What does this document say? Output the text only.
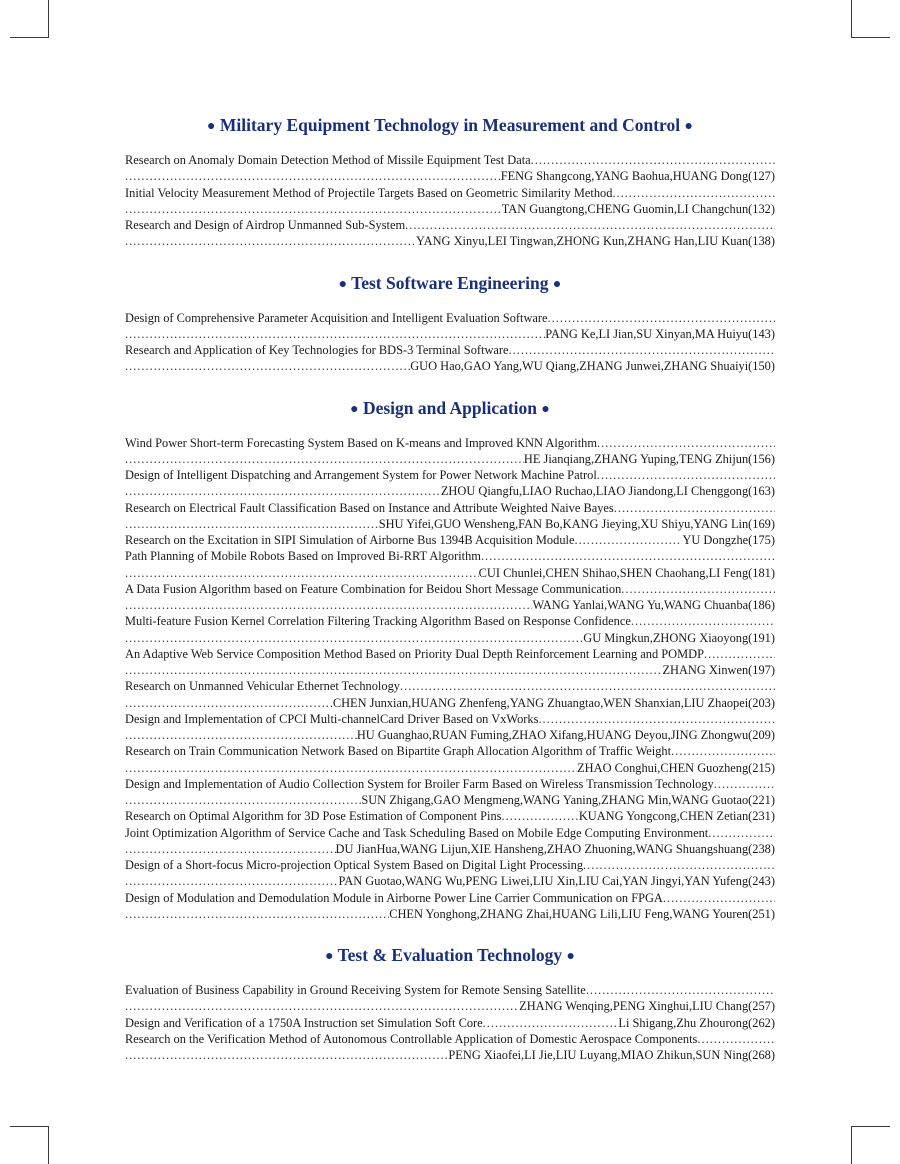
● Military Equipment Technology in Measurement and Control ●
Research on Anomaly Domain Detection Method of Missile Equipment Test Data
.....
.....
FENG Shangcong,YANG Baohua,HUANG Dong(127)
Initial Velocity Measurement Method of Projectile Targets Based on Geometric Similarity Method
.....
.....
TAN Guangtong,CHENG Guomin,LI Changchun(132)
Research and Design of Airdrop Unmanned Sub-System
.....
.....
YANG Xinyu,LEI Tingwan,ZHONG Kun,ZHANG Han,LIU Kuan(138)
● Test Software Engineering ●
Design of Comprehensive Parameter Acquisition and Intelligent Evaluation Software
.....
.....
PANG Ke,LI Jian,SU Xinyan,MA Huiyu(143)
Research and Application of Key Technologies for BDS-3 Terminal Software
.....
.....
GUO Hao,GAO Yang,WU Qiang,ZHANG Junwei,ZHANG Shuaiyi(150)
● Design and Application ●
Wind Power Short-term Forecasting System Based on K-means and Improved KNN Algorithm
.....
.....
HE Jianqiang,ZHANG Yuping,TENG Zhijun(156)
Design of Intelligent Dispatching and Arrangement System for Power Network Machine Patrol
.....
.....
ZHOU Qiangfu,LIAO Ruchao,LIAO Jiandong,LI Chenggong(163)
Research on Electrical Fault Classification Based on Instance and Attribute Weighted Naive Bayes
.....
.....
SHU Yifei,GUO Wensheng,FAN Bo,KANG Jieying,XU Shiyu,YANG Lin(169)
Research on the Excitation in SIPI Simulation of Airborne Bus 1394B Acquisition Module .....	YU Dongzhe(175)
Path Planning of Mobile Robots Based on Improved Bi-RRT Algorithm
.....
.....
CUI Chunlei,CHEN Shihao,SHEN Chaohang,LI Feng(181)
A Data Fusion Algorithm based on Feature Combination for Beidou Short Message Communication
.....
.....
WANG Yanlai,WANG Yu,WANG Chuanba(186)
Multi-feature Fusion Kernel Correlation Filtering Tracking Algorithm Based on Response Confidence
.....
.....
GU Mingkun,ZHONG Xiaoyong(191)
An Adaptive Web Service Composition Method Based on Priority Dual Depth Reinforcement Learning and POMDP
.....
.....
ZHANG Xinwen(197)
Research on Unmanned Vehicular Ethernet Technology
.....
.....
CHEN Junxian,HUANG Zhenfeng,YANG Zhuangtao,WEN Shanxian,LIU Zhaopei(203)
Design and Implementation of CPCI Multi-channelCard Driver Based on VxWorks
.....
.....
HU Guanghao,RUAN Fuming,ZHAO Xifang,HUANG Deyou,JING Zhongwu(209)
Research on Train Communication Network Based on Bipartite Graph Allocation Algorithm of Traffic Weight
.....
.....
ZHAO Conghui,CHEN Guozheng(215)
Design and Implementation of Audio Collection System for Broiler Farm Based on Wireless Transmission Technology
.....
.....
SUN Zhigang,GAO Mengmeng,WANG Yaning,ZHANG Min,WANG Guotao(221)
Research on Optimal Algorithm for 3D Pose Estimation of Component Pins .....	KUANG Yongcong,CHEN Zetian(231)
Joint Optimization Algorithm of Service Cache and Task Scheduling Based on Mobile Edge Computing Environment
.....
.....
DU JianHua,WANG Lijun,XIE Hansheng,ZHAO Zhuoning,WANG Shuangshuang(238)
Design of a Short-focus Micro-projection Optical System Based on Digital Light Processing
.....
.....
PAN Guotao,WANG Wu,PENG Liwei,LIU Xin,LIU Cai,YAN Jingyi,YAN Yufeng(243)
Design of Modulation and Demodulation Module in Airborne Power Line Carrier Communication on FPGA
.....
.....
CHEN Yonghong,ZHANG Zhai,HUANG Lili,LIU Feng,WANG Youren(251)
● Test & Evaluation Technology ●
Evaluation of Business Capability in Ground Receiving System for Remote Sensing Satellite
.....
.....
ZHANG Wenqing,PENG Xinghui,LIU Chang(257)
Design and Verification of a 1750A Instruction set Simulation Soft Core .....	Li Shigang,Zhu Zhourong(262)
Research on the Verification Method of Autonomous Controllable Application of Domestic Aerospace Components
.....
.....
PENG Xiaofei,LI Jie,LIU Luyang,MIAO Zhikun,SUN Ning(268)
